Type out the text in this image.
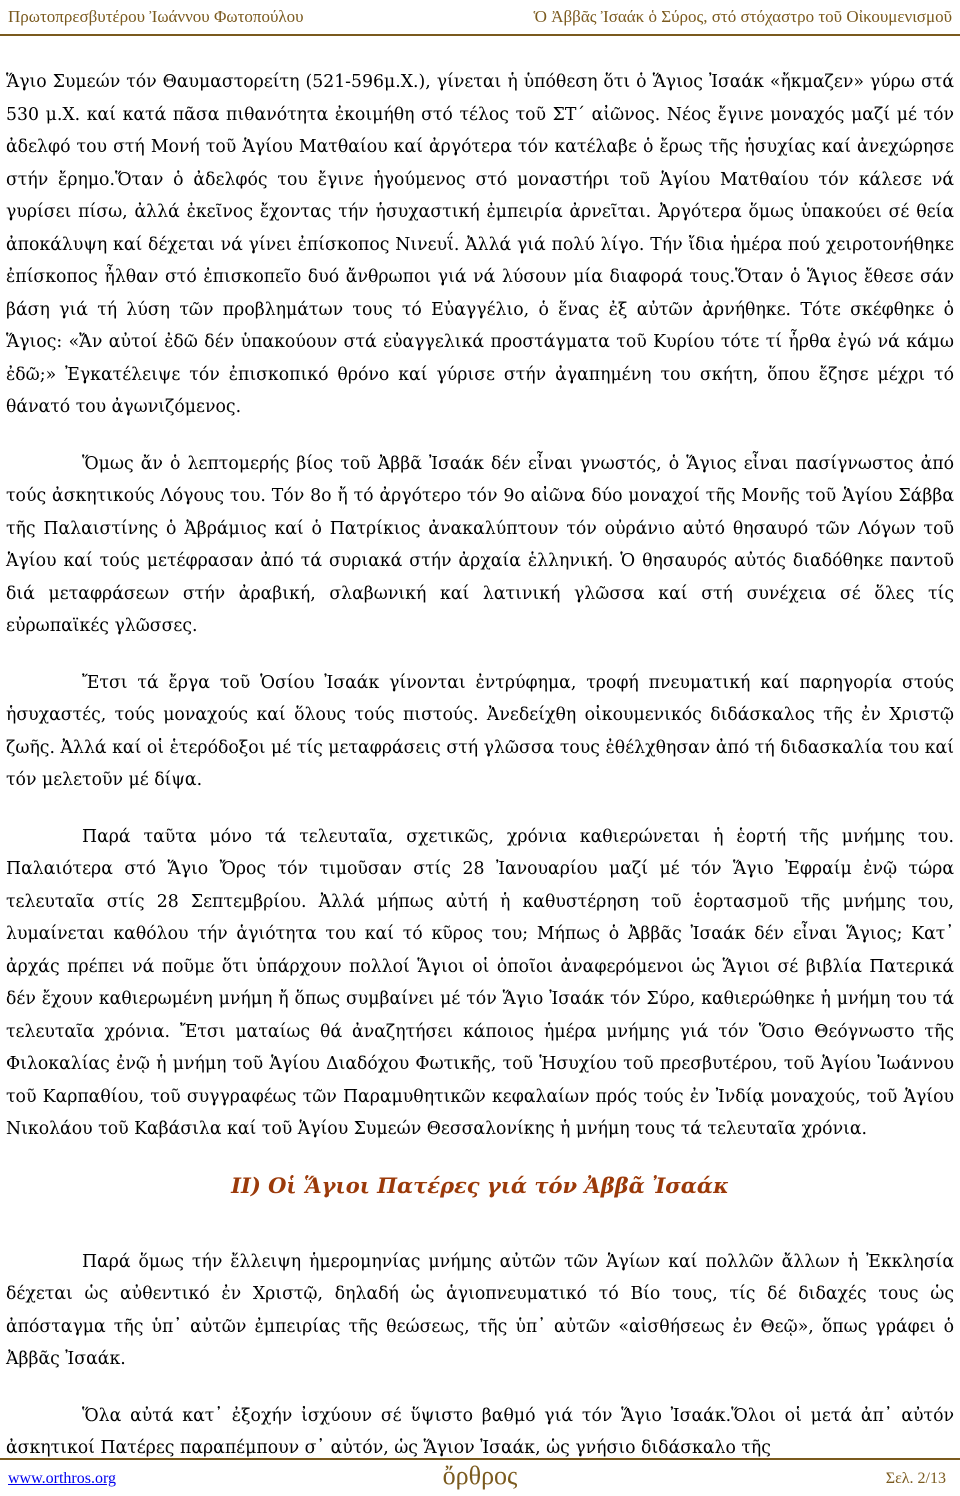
Πρωτοπρεσβυτέρου Ἰωάννου Φωτοπούλου	Ὁ Ἀββᾶς Ἰσαάκ ὁ Σύρος, στό στόχαστρο τοῦ Οἰκουμενισμοῦ

Ἅγιο Συμεών τόν Θαυμαστορείτη (521-596μ.Χ.), γίνεται ἡ ὑπόθεση ὅτι ὁ Ἅγιος Ἰσαάκ «ἤκμαζεν» γύρω στά 530 μ.Χ. καί κατά πᾶσα πιθανότητα ἐκοιμήθη στό τέλος τοῦ ΣΤ΄ αἰῶνος. Νέος ἔγινε μοναχός μαζί μέ τόν ἀδελφό του στή Μονή τοῦ Ἁγίου Ματθαίου καί ἀργότερα τόν κατέλαβε ὁ ἔρως τῆς ἡσυχίας καί ἀνεχώρησε στήν ἔρημο.Ὅταν ὁ ἀδελφός του ἔγινε ἡγούμενος στό μοναστήρι τοῦ Ἁγίου Ματθαίου τόν κάλεσε νά γυρίσει πίσω, ἀλλά ἐκεῖνος ἔχοντας τήν ἡσυχαστική ἐμπειρία ἀρνεῖται. Ἀργότερα ὅμως ὑπακούει σέ θεία ἀποκάλυψη καί δέχεται νά γίνει ἐπίσκοπος Νινευΐ. Ἀλλά γιά πολύ λίγο. Τήν ἴδια ἡμέρα πού χειροτονήθηκε ἐπίσκοπος ἦλθαν στό ἐπισκοπεῖο δυό ἄνθρωποι γιά νά λύσουν μία διαφορά τους.Ὅταν ὁ Ἅγιος ἔθεσε σάν βάση γιά τή λύση τῶν προβλημάτων τους τό Εὐαγγέλιο, ὁ ἕνας ἐξ αὐτῶν ἀρνήθηκε. Τότε σκέφθηκε ὁ Ἅγιος: «Ἄν αὐτοί ἐδῶ δέν ὑπακούουν στά εὐαγγελικά προστάγματα τοῦ Κυρίου τότε τί ἦρθα ἐγώ νά κάμω ἐδῶ;» Ἐγκατέλειψε τόν ἐπισκοπικό θρόνο καί γύρισε στήν ἀγαπημένη του σκήτη, ὅπου ἔζησε μέχρι τό θάνατό του ἀγωνιζόμενος.

Ὅμως ἄν ὁ λεπτομερής βίος τοῦ Ἀββᾶ Ἰσαάκ δέν εἶναι γνωστός, ὁ Ἅγιος εἶναι πασίγνωστος ἀπό τούς ἀσκητικούς Λόγους του. Τόν 8ο ἤ τό ἀργότερο τόν 9ο αἰῶνα δύο μοναχοί τῆς Μονῆς τοῦ Ἁγίου Σάββα τῆς Παλαιστίνης ὁ Ἀβράμιος καί ὁ Πατρίκιος ἀνακαλύπτουν τόν οὐράνιο αὐτό θησαυρό τῶν Λόγων τοῦ Ἁγίου καί τούς μετέφρασαν ἀπό τά συριακά στήν ἀρχαία ἑλληνική. Ὁ θησαυρός αὐτός διαδόθηκε παντοῦ διά μεταφράσεων στήν ἀραβική, σλαβωνική καί λατινική γλῶσσα καί στή συνέχεια σέ ὅλες τίς εὐρωπαϊκές γλῶσσες.

Ἔτσι τά ἔργα τοῦ Ὁσίου Ἰσαάκ γίνονται ἐντρύφημα, τροφή πνευματική καί παρηγορία στούς ἡσυχαστές, τούς μοναχούς καί ὅλους τούς πιστούς. Ἀνεδείχθη οἰκουμενικός διδάσκαλος τῆς ἐν Χριστῷ ζωῆς. Ἀλλά καί οἱ ἑτερόδοξοι μέ τίς μεταφράσεις στή γλῶσσα τους ἐθέλχθησαν ἀπό τή διδασκαλία του καί τόν μελετοῦν μέ δίψα.

Παρά ταῦτα μόνο τά τελευταῖα, σχετικῶς, χρόνια καθιερώνεται ἡ ἑορτή τῆς μνήμης του. Παλαιότερα στό Ἅγιο Ὄρος τόν τιμοῦσαν στίς 28 Ἰανουαρίου μαζί μέ τόν Ἅγιο Ἐφραίμ ἐνῷ τώρα τελευταῖα στίς 28 Σεπτεμβρίου. Ἀλλά μήπως αὐτή ἡ καθυστέρηση τοῦ ἑορτασμοῦ τῆς μνήμης του, λυμαίνεται καθόλου τήν ἁγιότητα του καί τό κῦρος του; Μήπως ὁ Ἀββᾶς Ἰσαάκ δέν εἶναι Ἅγιος; Κατ᾽ ἀρχάς πρέπει νά ποῦμε ὅτι ὑπάρχουν πολλοί Ἅγιοι οἱ ὁποῖοι ἀναφερόμενοι ὡς Ἅγιοι σέ βιβλία Πατερικά δέν ἔχουν καθιερωμένη μνήμη ἤ ὅπως συμβαίνει μέ τόν Ἅγιο Ἰσαάκ τόν Σύρο, καθιερώθηκε ἡ μνήμη του τά τελευταῖα χρόνια. Ἔτσι ματαίως θά ἀναζητήσει κάποιος ἡμέρα μνήμης γιά τόν Ὅσιο Θεόγνωστο τῆς Φιλοκαλίας ἐνῷ ἡ μνήμη τοῦ Ἁγίου Διαδόχου Φωτικῆς, τοῦ Ἡσυχίου τοῦ πρεσβυτέρου, τοῦ Ἁγίου Ἰωάννου τοῦ Καρπαθίου, τοῦ συγγραφέως τῶν Παραμυθητικῶν κεφαλαίων πρός τούς ἐν Ἰνδίᾳ μοναχούς, τοῦ Ἁγίου Νικολάου τοῦ Καβάσιλα καί τοῦ Ἁγίου Συμεών Θεσσαλονίκης ἡ μνήμη τους τά τελευταῖα χρόνια.

ΙΙ) Οἱ Ἅγιοι Πατέρες γιά τόν Ἀββᾶ Ἰσαάκ

Παρά ὅμως τήν ἔλλειψη ἡμερομηνίας μνήμης αὐτῶν τῶν Ἁγίων καί πολλῶν ἄλλων ἡ Ἐκκλησία δέχεται ὡς αὐθεντικό ἐν Χριστῷ, δηλαδή ὡς ἁγιοπνευματικό τό Βίο τους, τίς δέ διδαχές τους ὡς ἀπόσταγμα τῆς ὑπ᾽ αὐτῶν ἐμπειρίας τῆς θεώσεως, τῆς ὑπ᾽ αὐτῶν «αἰσθήσεως ἐν Θεῷ», ὅπως γράφει ὁ Ἀββᾶς Ἰσαάκ.

Ὅλα αὐτά κατ᾽ ἐξοχήν ἰσχύουν σέ ὕψιστο βαθμό γιά τόν Ἅγιο Ἰσαάκ.Ὅλοι οἱ μετά ἀπ᾽ αὐτόν ἀσκητικοί Πατέρες παραπέμπουν σ᾽ αὐτόν, ὡς Ἅγιον Ἰσαάκ, ὡς γνήσιο διδάσκαλο τῆς

www.orthros.org	ὄρθρος	Σελ. 2/13
